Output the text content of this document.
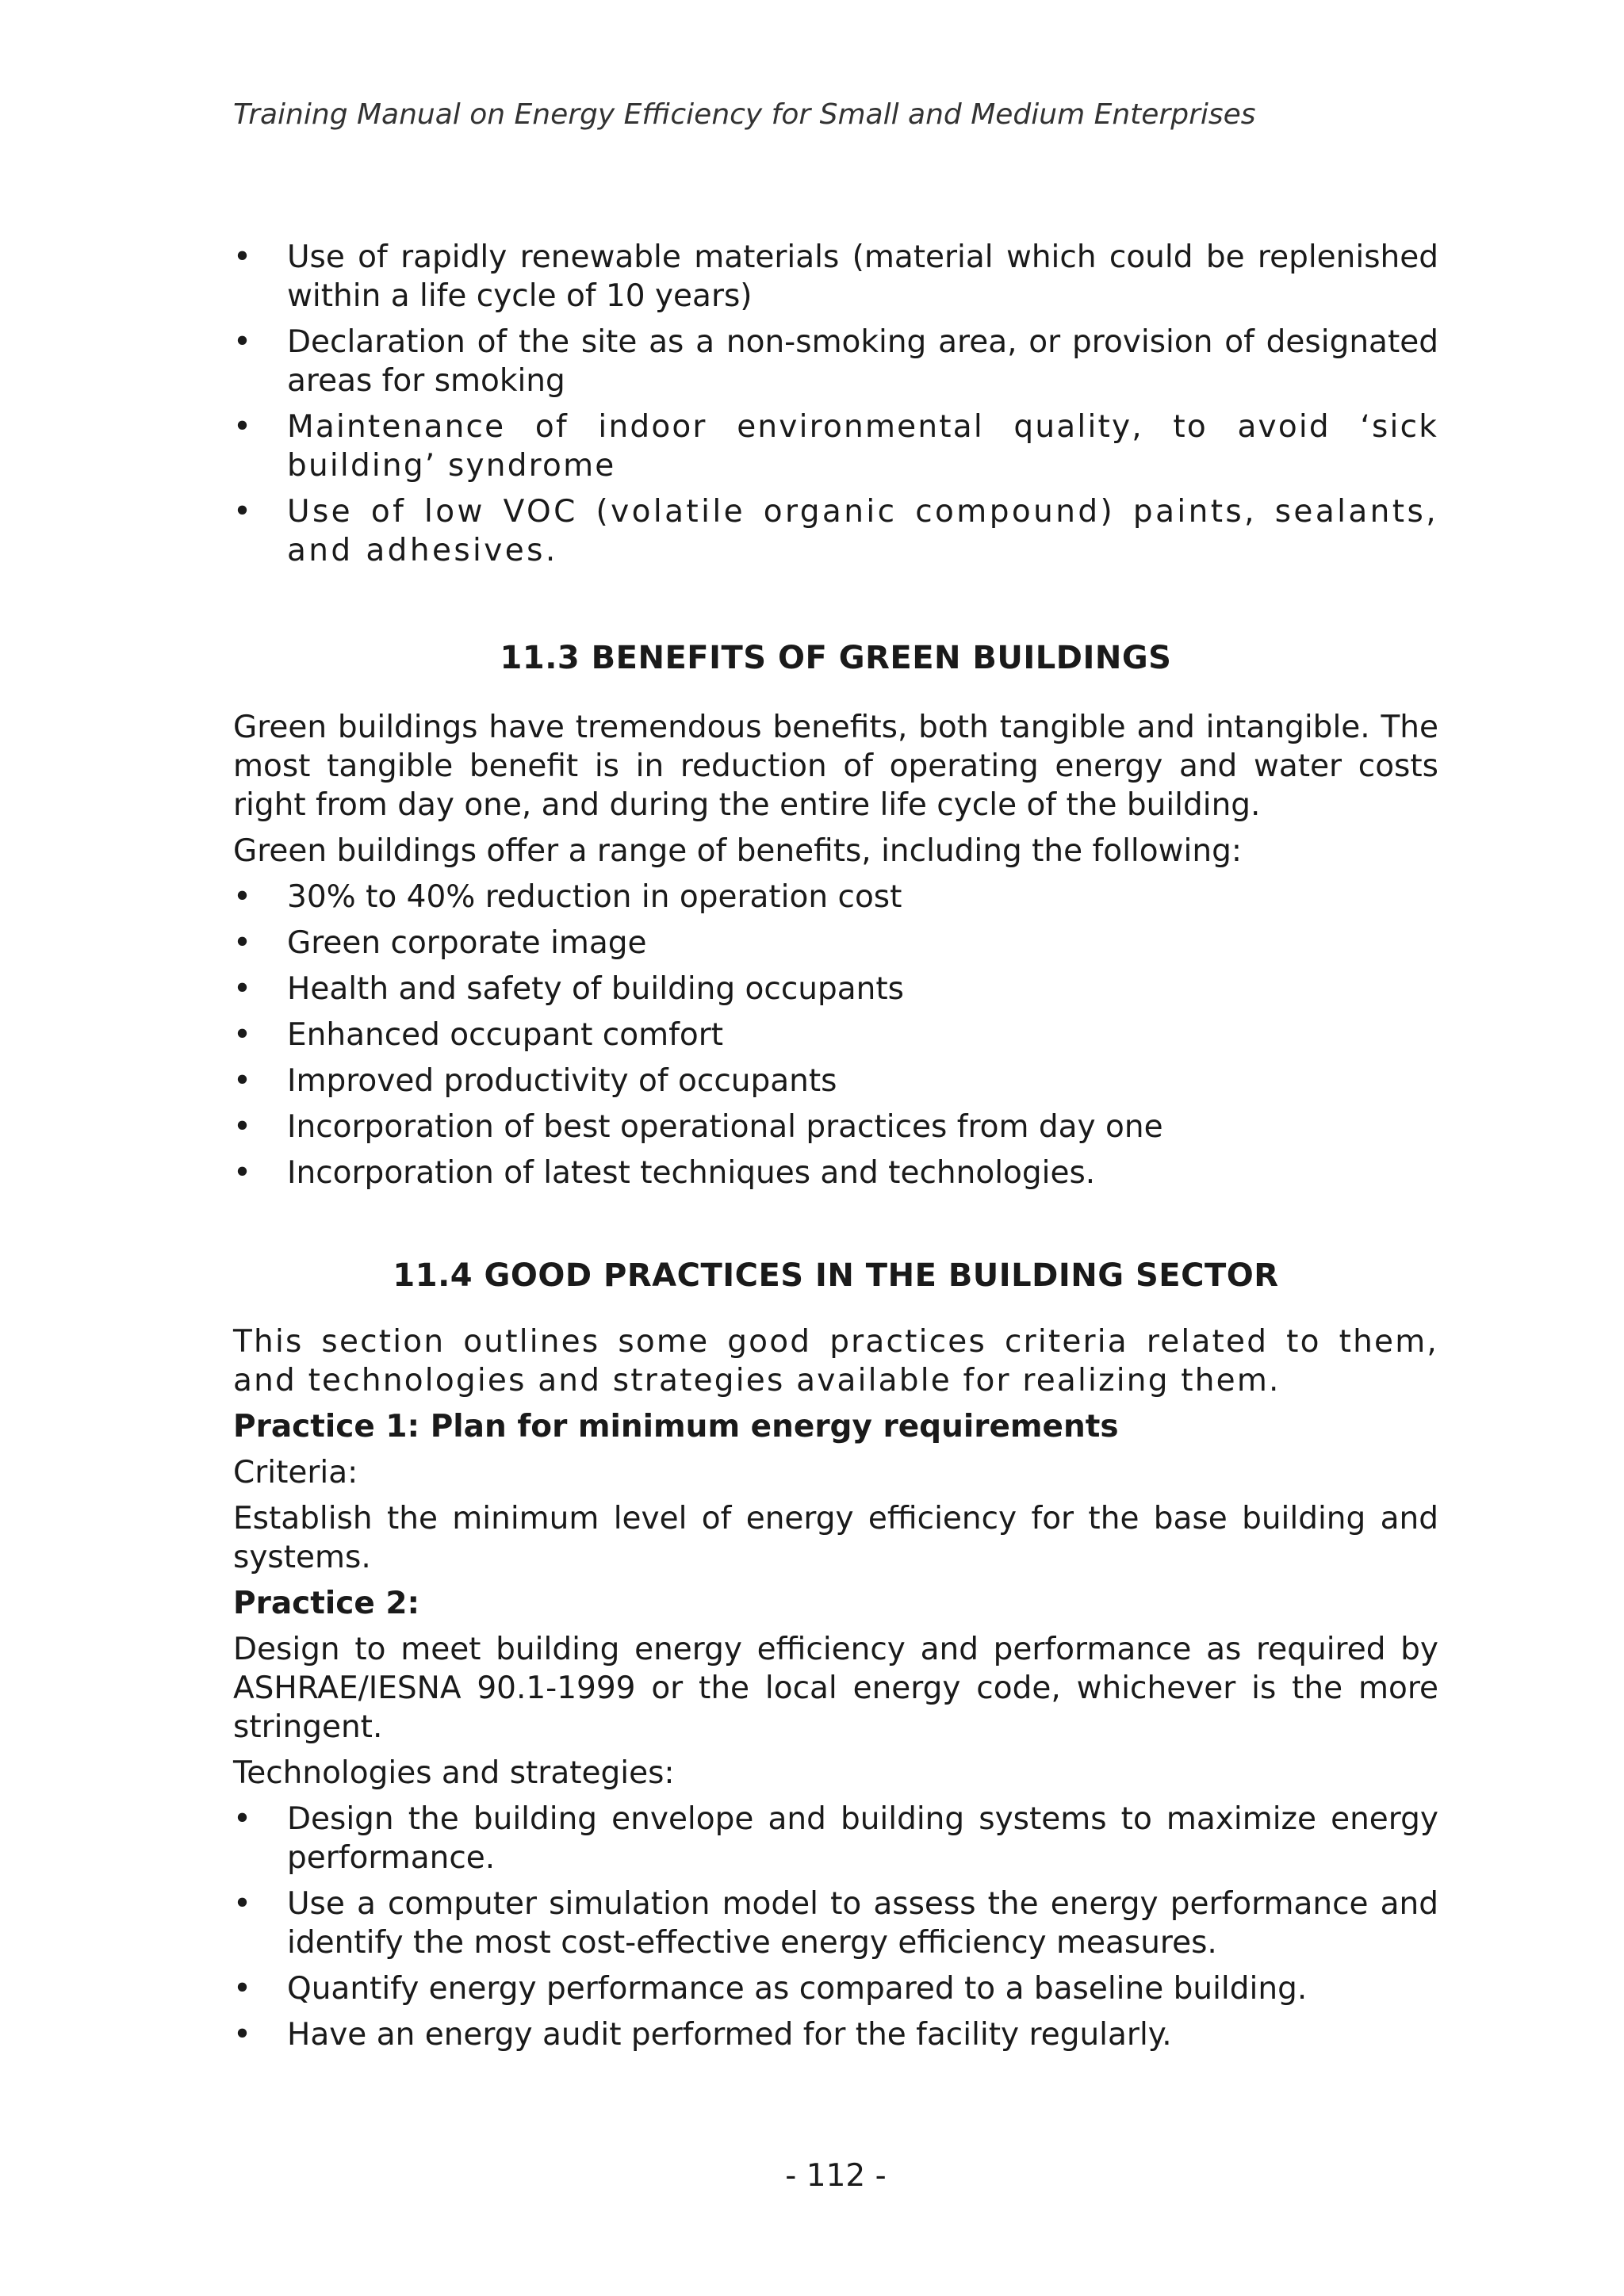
Training Manual on Energy Efficiency for Small and Medium Enterprises
•	Use of rapidly renewable materials (material which could be replenished within a life cycle of 10 years)
•	Declaration of the site as a non-smoking area, or provision of designated areas for smoking
•	Maintenance of indoor environmental quality, to avoid ‘sick building’ syndrome
•	Use of low VOC (volatile organic compound) paints, sealants, and adhesives.
11.3 BENEFITS OF GREEN BUILDINGS

Green buildings have tremendous benefits, both tangible and intangible. The most tangible benefit is in reduction of operating energy and water costs right from day one, and during the entire life cycle of the building.

Green buildings offer a range of benefits, including the following:

•	30% to 40% reduction in operation cost
•	Green corporate image
•	Health and safety of building occupants
•	Enhanced occupant comfort
•	Improved productivity of occupants
•	Incorporation of best operational practices from day one
•	Incorporation of latest techniques and technologies.
11.4 GOOD PRACTICES IN THE BUILDING SECTOR

This section outlines some good practices criteria related to them, and technologies and strategies available for realizing them.

Practice 1: Plan for minimum energy requirements

Criteria:

Establish the minimum level of energy efficiency for the base building and systems.

Practice 2:

Design to meet building energy efficiency and performance as required by ASHRAE/IESNA 90.1-1999 or the local energy code, whichever is the more stringent.

Technologies and strategies:

•	Design the building envelope and building systems to maximize energy performance.
•	Use a computer simulation model to assess the energy performance and identify the most cost-effective energy efficiency measures.
•	Quantify energy performance as compared to a baseline building.
•	Have an energy audit performed for the facility regularly.
- 112 -
